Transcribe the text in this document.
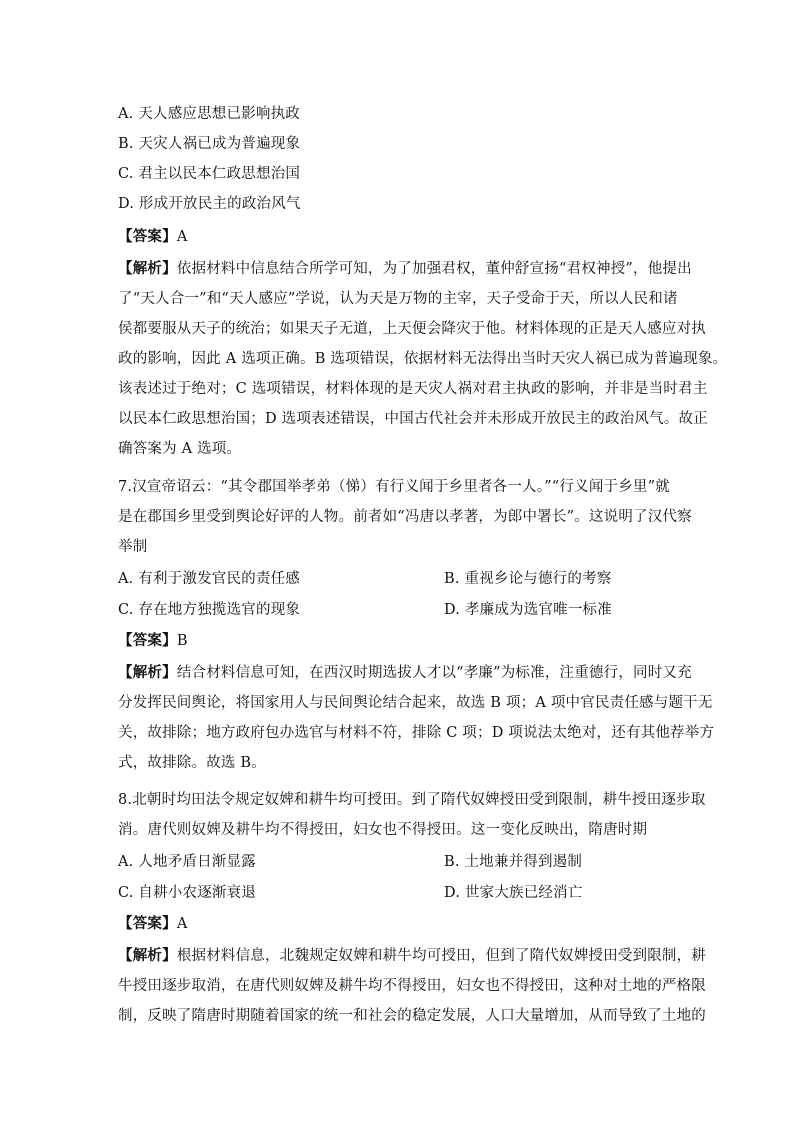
A. 天人感应思想已影响执政
B. 天灾人祸已成为普遍现象
C. 君主以民本仁政思想治国
D. 形成开放民主的政治风气
【答案】A
【解析】依据材料中信息结合所学可知，为了加强君权，董仲舒宣扬“君权神授”，他提出
了“天人合一”和“天人感应”学说，认为天是万物的主宰，天子受命于天，所以人民和诸
侯都要服从天子的统治；如果天子无道，上天便会降灾于他。材料体现的正是天人感应对执
政的影响，因此 A 选项正确。B 选项错误，依据材料无法得出当时天灾人祸已成为普遍现象。
该表述过于绝对；C 选项错误，材料体现的是天灾人祸对君主执政的影响，并非是当时君主
以民本仁政思想治国；D 选项表述错误，中国古代社会并未形成开放民主的政治风气。故正
确答案为 A 选项。
7.汉宣帝诏云：“其令郡国举孝弟（悌）有行义闻于乡里者各一人。”“行义闻于乡里”就
是在郡国乡里受到舆论好评的人物。前者如“冯唐以孝著，为郎中署长”。这说明了汉代察
举制
A. 有利于激发官民的责任感	B. 重视乡论与德行的考察
C. 存在地方独揽选官的现象	D. 孝廉成为选官唯一标准
【答案】B
【解析】结合材料信息可知，在西汉时期选拔人才以“孝廉”为标准，注重德行，同时又充
分发挥民间舆论，将国家用人与民间舆论结合起来，故选 B 项；A 项中官民责任感与题干无
关，故排除；地方政府包办选官与材料不符，排除 C 项；D 项说法太绝对，还有其他荐举方
式，故排除。故选 B。
8.北朝时均田法令规定奴婢和耕牛均可授田。到了隋代奴婢授田受到限制，耕牛授田逐步取
消。唐代则奴婢及耕牛均不得授田，妇女也不得授田。这一变化反映出，隋唐时期
A. 人地矛盾日渐显露	B. 土地兼并得到遏制
C. 自耕小农逐渐衰退	D. 世家大族已经消亡
【答案】A
【解析】根据材料信息，北魏规定奴婢和耕牛均可授田，但到了隋代奴婢授田受到限制，耕
牛授田逐步取消，在唐代则奴婢及耕牛均不得授田，妇女也不得授田，这种对土地的严格限
制，反映了隋唐时期随着国家的统一和社会的稳定发展，人口大量增加，从而导致了土地的
